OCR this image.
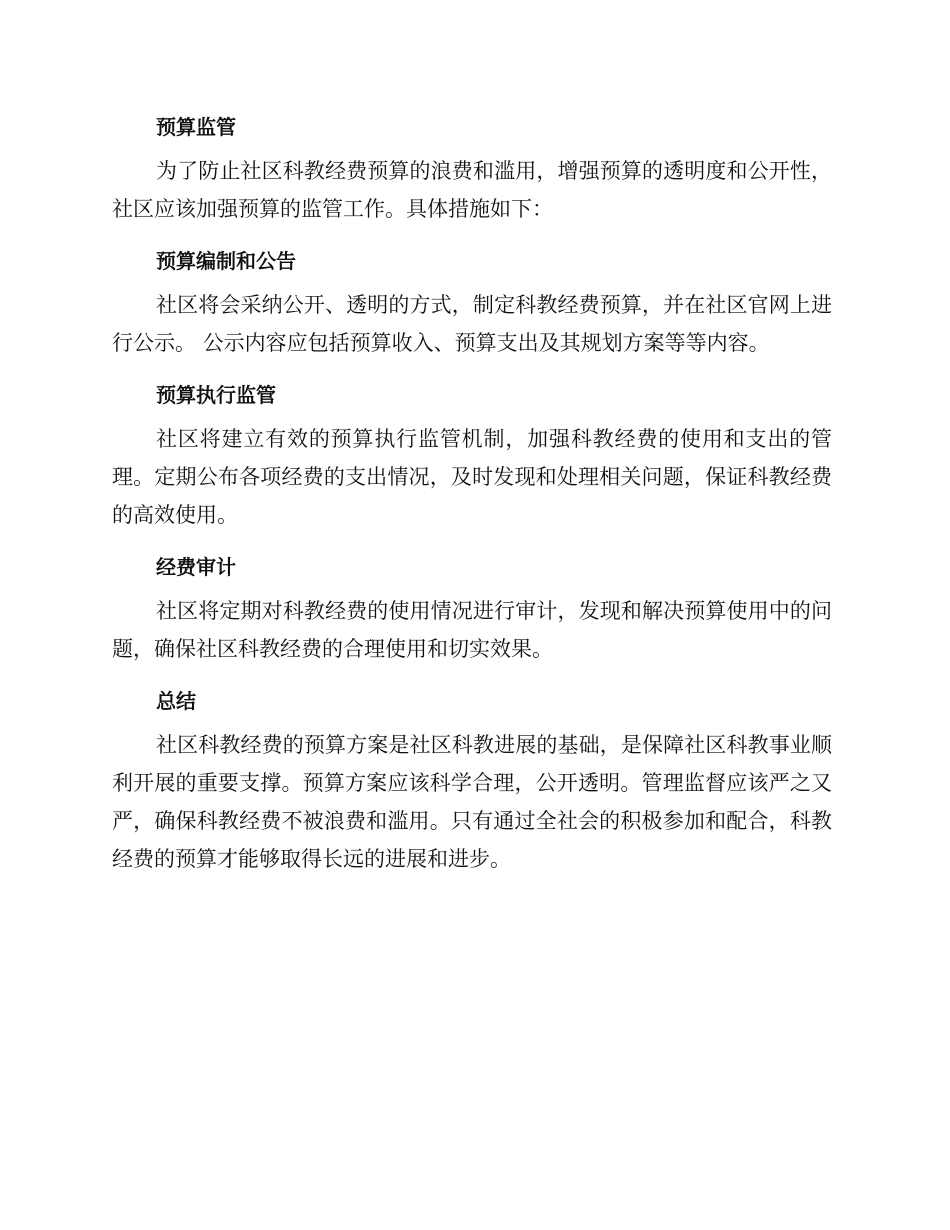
预算监管

为了防止社区科教经费预算的浪费和滥用，增强预算的透明度和公开性，社区应该加强预算的监管工作。具体措施如下：

预算编制和公告

社区将会采纳公开、透明的方式，制定科教经费预算，并在社区官网上进行公示。 公示内容应包括预算收入、预算支出及其规划方案等等内容。

预算执行监管

社区将建立有效的预算执行监管机制，加强科教经费的使用和支出的管理。定期公布各项经费的支出情况，及时发现和处理相关问题，保证科教经费的高效使用。

经费审计

社区将定期对科教经费的使用情况进行审计，发现和解决预算使用中的问题，确保社区科教经费的合理使用和切实效果。

总结

社区科教经费的预算方案是社区科教进展的基础，是保障社区科教事业顺利开展的重要支撑。预算方案应该科学合理，公开透明。管理监督应该严之又严，确保科教经费不被浪费和滥用。只有通过全社会的积极参加和配合，科教经费的预算才能够取得长远的进展和进步。
